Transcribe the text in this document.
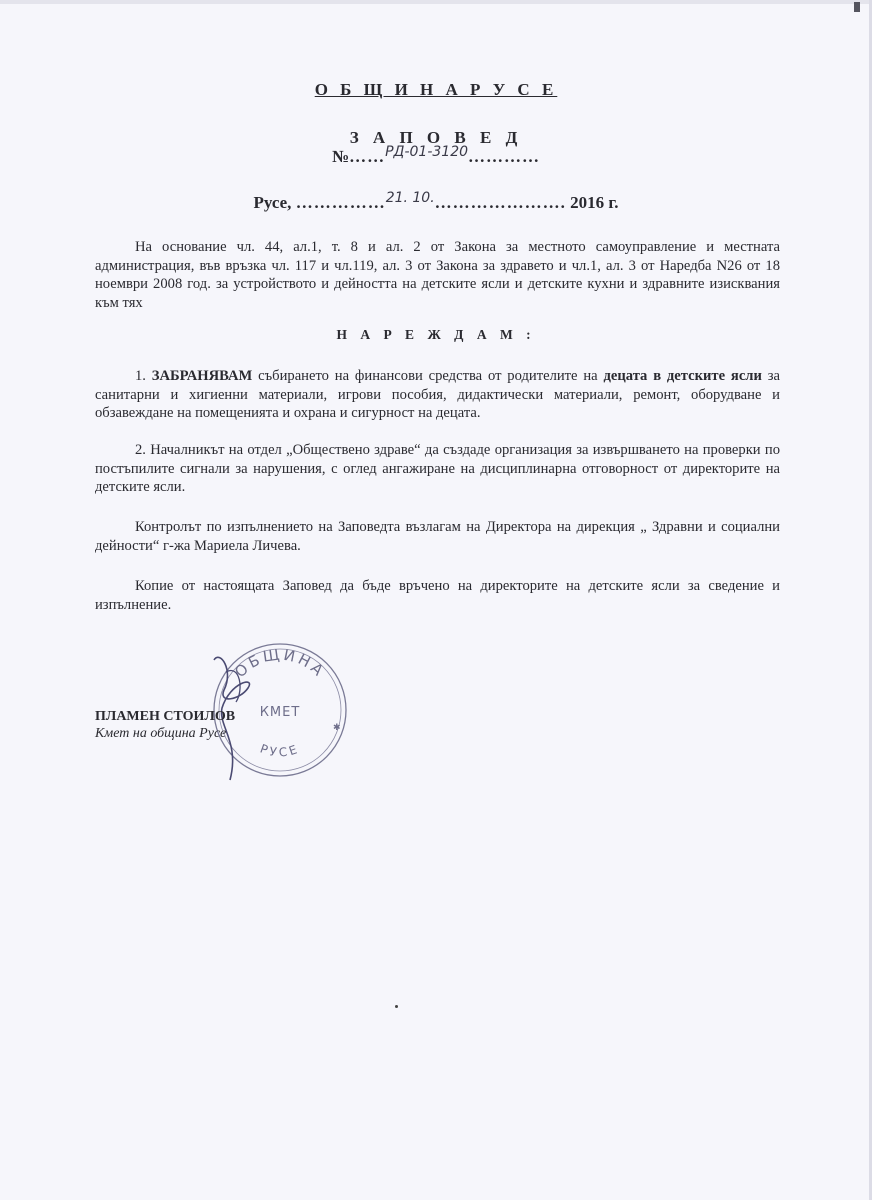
О Б Щ И Н А Р У С Е
З А П О В Е Д
№……$^{РД-01-3120}$…………
Русе, ……………$^{21. 10.}$…………………. 2016 г.
На основание чл. 44, ал.1, т. 8 и ал. 2 от Закона за местното самоуправление и местната администрация, във връзка чл. 117 и чл.119, ал. 3 от Закона за здравето и чл.1, ал. 3 от Наредба N26 от 18 ноември 2008 год. за устройството и дейността на детските ясли и детските кухни и здравните изисквания към тях
Н А Р Е Ж Д А М :
1. ЗАБРАНЯВАМ събирането на финансови средства от родителите на децата в детските ясли за санитарни и хигиенни материали, игрови пособия, дидактически материали, ремонт, оборудване и обзавеждане на помещенията и охрана и сигурност на децата.
2. Началникът на отдел „Обществено здраве“ да създаде организация за извършването на проверки по постъпилите сигнали за нарушения, с оглед ангажиране на дисциплинарна отговорност от директорите на детските ясли.
Контролът по изпълнението на Заповедта възлагам на Директора на дирекция „ Здравни и социални дейности“ г-жа Мариела Личева.
Копие от настоящата Заповед да бъде връчено на директорите на детските ясли за сведение и изпълнение.
ОБЩИНА
КМЕТ
РУСЕ
✱
ПЛАМЕН СТОИЛОВ
Кмет на община Русе
